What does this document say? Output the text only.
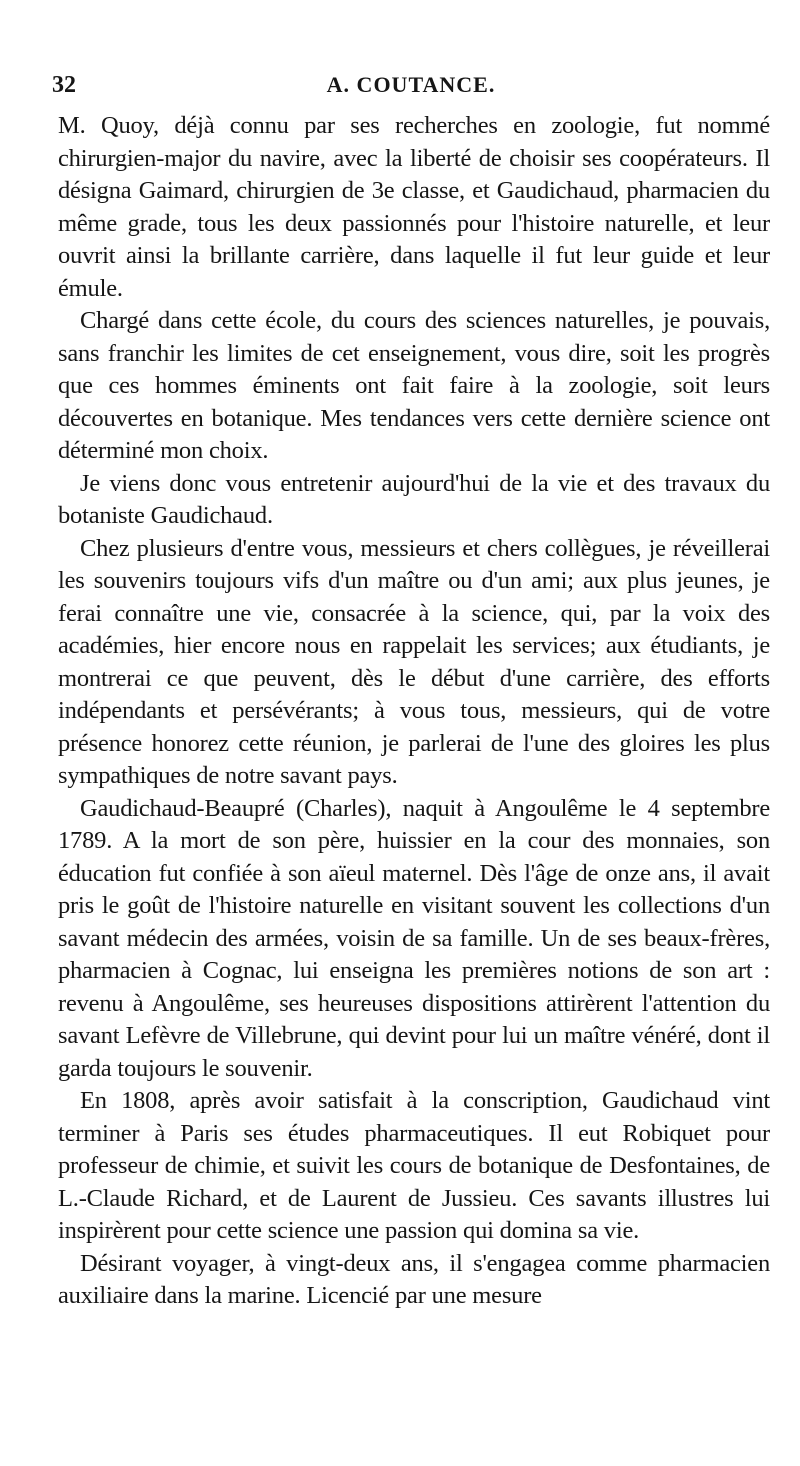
32	A. COUTANCE.

M. Quoy, déjà connu par ses recherches en zoologie, fut nommé chirurgien-major du navire, avec la liberté de choisir ses coopérateurs. Il désigna Gaimard, chirurgien de 3e classe, et Gaudichaud, pharmacien du même grade, tous les deux passionnés pour l'histoire naturelle, et leur ouvrit ainsi la brillante carrière, dans laquelle il fut leur guide et leur émule.

Chargé dans cette école, du cours des sciences naturelles, je pouvais, sans franchir les limites de cet enseignement, vous dire, soit les progrès que ces hommes éminents ont fait faire à la zoologie, soit leurs découvertes en botanique. Mes tendances vers cette dernière science ont déterminé mon choix.

Je viens donc vous entretenir aujourd'hui de la vie et des travaux du botaniste Gaudichaud.

Chez plusieurs d'entre vous, messieurs et chers collègues, je réveillerai les souvenirs toujours vifs d'un maître ou d'un ami; aux plus jeunes, je ferai connaître une vie, consacrée à la science, qui, par la voix des académies, hier encore nous en rappelait les services; aux étudiants, je montrerai ce que peuvent, dès le début d'une carrière, des efforts indépendants et persévérants; à vous tous, messieurs, qui de votre présence honorez cette réunion, je parlerai de l'une des gloires les plus sympathiques de notre savant pays.

Gaudichaud-Beaupré (Charles), naquit à Angoulême le 4 septembre 1789. A la mort de son père, huissier en la cour des monnaies, son éducation fut confiée à son aïeul maternel. Dès l'âge de onze ans, il avait pris le goût de l'histoire naturelle en visitant souvent les collections d'un savant médecin des armées, voisin de sa famille. Un de ses beaux-frères, pharmacien à Cognac, lui enseigna les premières notions de son art : revenu à Angoulême, ses heureuses dispositions attirèrent l'attention du savant Lefèvre de Villebrune, qui devint pour lui un maître vénéré, dont il garda toujours le souvenir.

En 1808, après avoir satisfait à la conscription, Gaudichaud vint terminer à Paris ses études pharmaceutiques. Il eut Robiquet pour professeur de chimie, et suivit les cours de botanique de Desfontaines, de L.-Claude Richard, et de Laurent de Jussieu. Ces savants illustres lui inspirèrent pour cette science une passion qui domina sa vie.

Désirant voyager, à vingt-deux ans, il s'engagea comme pharmacien auxiliaire dans la marine. Licencié par une mesure
